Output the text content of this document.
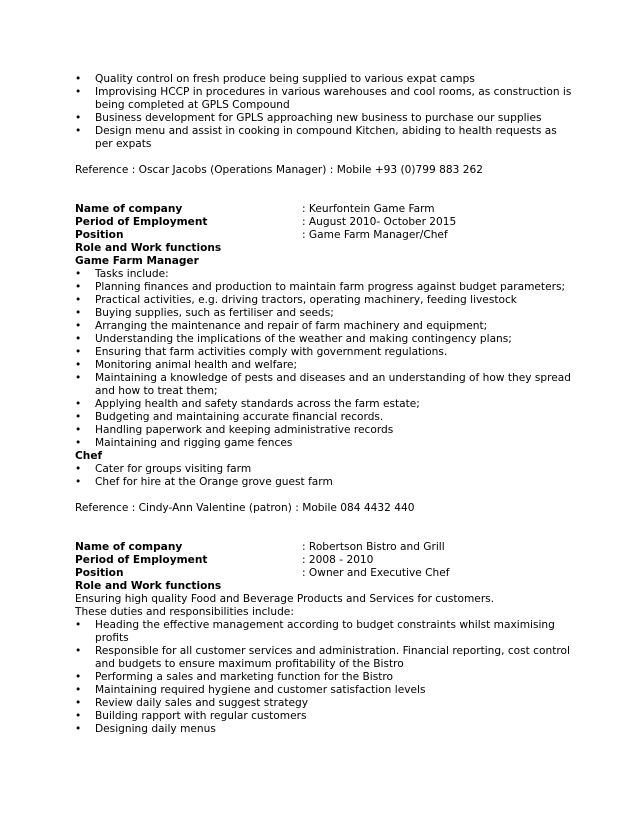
• Quality control on fresh produce being supplied to various expat camps
• Improvising HCCP in procedures in various warehouses and cool rooms, as construction is being completed at GPLS Compound
• Business development for GPLS approaching new business to purchase our supplies
• Design menu and assist in cooking in compound Kitchen, abiding to health requests as per expats
Reference : Oscar Jacobs (Operations Manager) : Mobile +93 (0)799 883 262
Name of company	: Keurfontein Game Farm
Period of Employment	: August 2010- October 2015
Position	: Game Farm Manager/Chef
Role and Work functions
Game Farm Manager
• Tasks include:
• Planning finances and production to maintain farm progress against budget parameters;
• Practical activities, e.g. driving tractors, operating machinery, feeding livestock
• Buying supplies, such as fertiliser and seeds;
• Arranging the maintenance and repair of farm machinery and equipment;
• Understanding the implications of the weather and making contingency plans;
• Ensuring that farm activities comply with government regulations.
• Monitoring animal health and welfare;
• Maintaining a knowledge of pests and diseases and an understanding of how they spread and how to treat them;
• Applying health and safety standards across the farm estate;
• Budgeting and maintaining accurate financial records.
• Handling paperwork and keeping administrative records
• Maintaining and rigging game fences
Chef
• Cater for groups visiting farm
• Chef for hire at the Orange grove guest farm
Reference : Cindy-Ann Valentine (patron) : Mobile 084 4432 440
Name of company	: Robertson Bistro and Grill
Period of Employment	: 2008 - 2010
Position	: Owner and Executive Chef
Role and Work functions
Ensuring high quality Food and Beverage Products and Services for customers.
These duties and responsibilities include:
• Heading the effective management according to budget constraints whilst maximising profits
• Responsible for all customer services and administration. Financial reporting, cost control and budgets to ensure maximum profitability of the Bistro
• Performing a sales and marketing function for the Bistro
• Maintaining required hygiene and customer satisfaction levels
• Review daily sales and suggest strategy
• Building rapport with regular customers
• Designing daily menus
